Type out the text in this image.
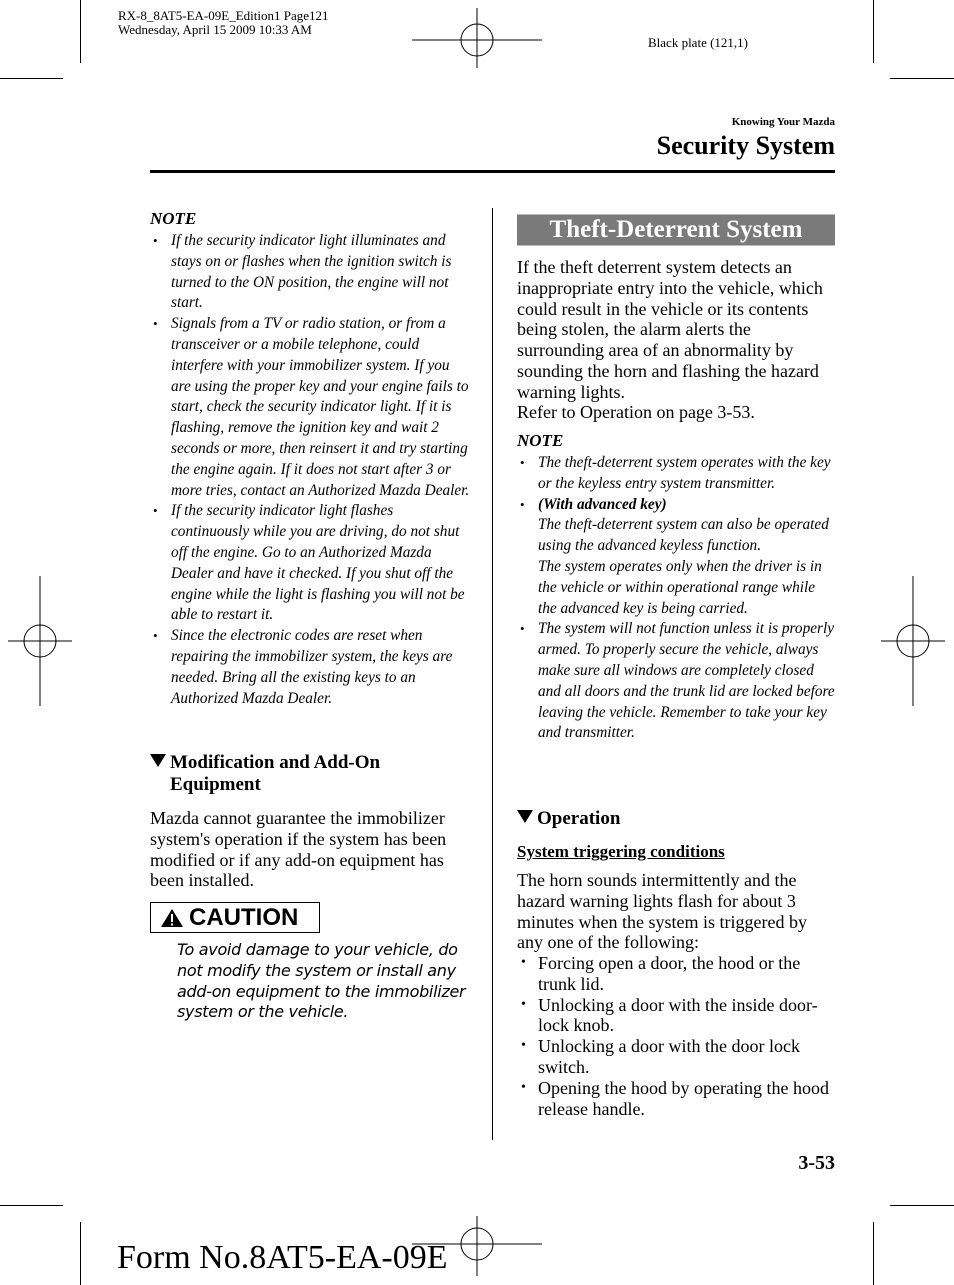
RX-8_8AT5-EA-09E_Edition1 Page121
Wednesday, April 15 2009 10:33 AM
Black plate (121,1)
Knowing Your Mazda
Security System
NOTE
• If the security indicator light illuminates and stays on or flashes when the ignition switch is turned to the ON position, the engine will not start.
• Signals from a TV or radio station, or from a transceiver or a mobile telephone, could interfere with your immobilizer system. If you are using the proper key and your engine fails to start, check the security indicator light. If it is flashing, remove the ignition key and wait 2 seconds or more, then reinsert it and try starting the engine again. If it does not start after 3 or more tries, contact an Authorized Mazda Dealer.
• If the security indicator light flashes continuously while you are driving, do not shut off the engine. Go to an Authorized Mazda Dealer and have it checked. If you shut off the engine while the light is flashing you will not be able to restart it.
• Since the electronic codes are reset when repairing the immobilizer system, the keys are needed. Bring all the existing keys to an Authorized Mazda Dealer.
Modification and Add-On Equipment
Mazda cannot guarantee the immobilizer system's operation if the system has been modified or if any add-on equipment has been installed.
CAUTION
To avoid damage to your vehicle, do not modify the system or install any add-on equipment to the immobilizer system or the vehicle.
Theft-Deterrent System
If the theft deterrent system detects an inappropriate entry into the vehicle, which could result in the vehicle or its contents being stolen, the alarm alerts the surrounding area of an abnormality by sounding the horn and flashing the hazard warning lights.
Refer to Operation on page 3-53.
NOTE
• The theft-deterrent system operates with the key or the keyless entry system transmitter.
• (With advanced key)
The theft-deterrent system can also be operated using the advanced keyless function.
The system operates only when the driver is in the vehicle or within operational range while the advanced key is being carried.
• The system will not function unless it is properly armed. To properly secure the vehicle, always make sure all windows are completely closed and all doors and the trunk lid are locked before leaving the vehicle. Remember to take your key and transmitter.
Operation
System triggering conditions
The horn sounds intermittently and the hazard warning lights flash for about 3 minutes when the system is triggered by any one of the following:
• Forcing open a door, the hood or the trunk lid.
• Unlocking a door with the inside door-lock knob.
• Unlocking a door with the door lock switch.
• Opening the hood by operating the hood release handle.
3-53
Form No.8AT5-EA-09E
